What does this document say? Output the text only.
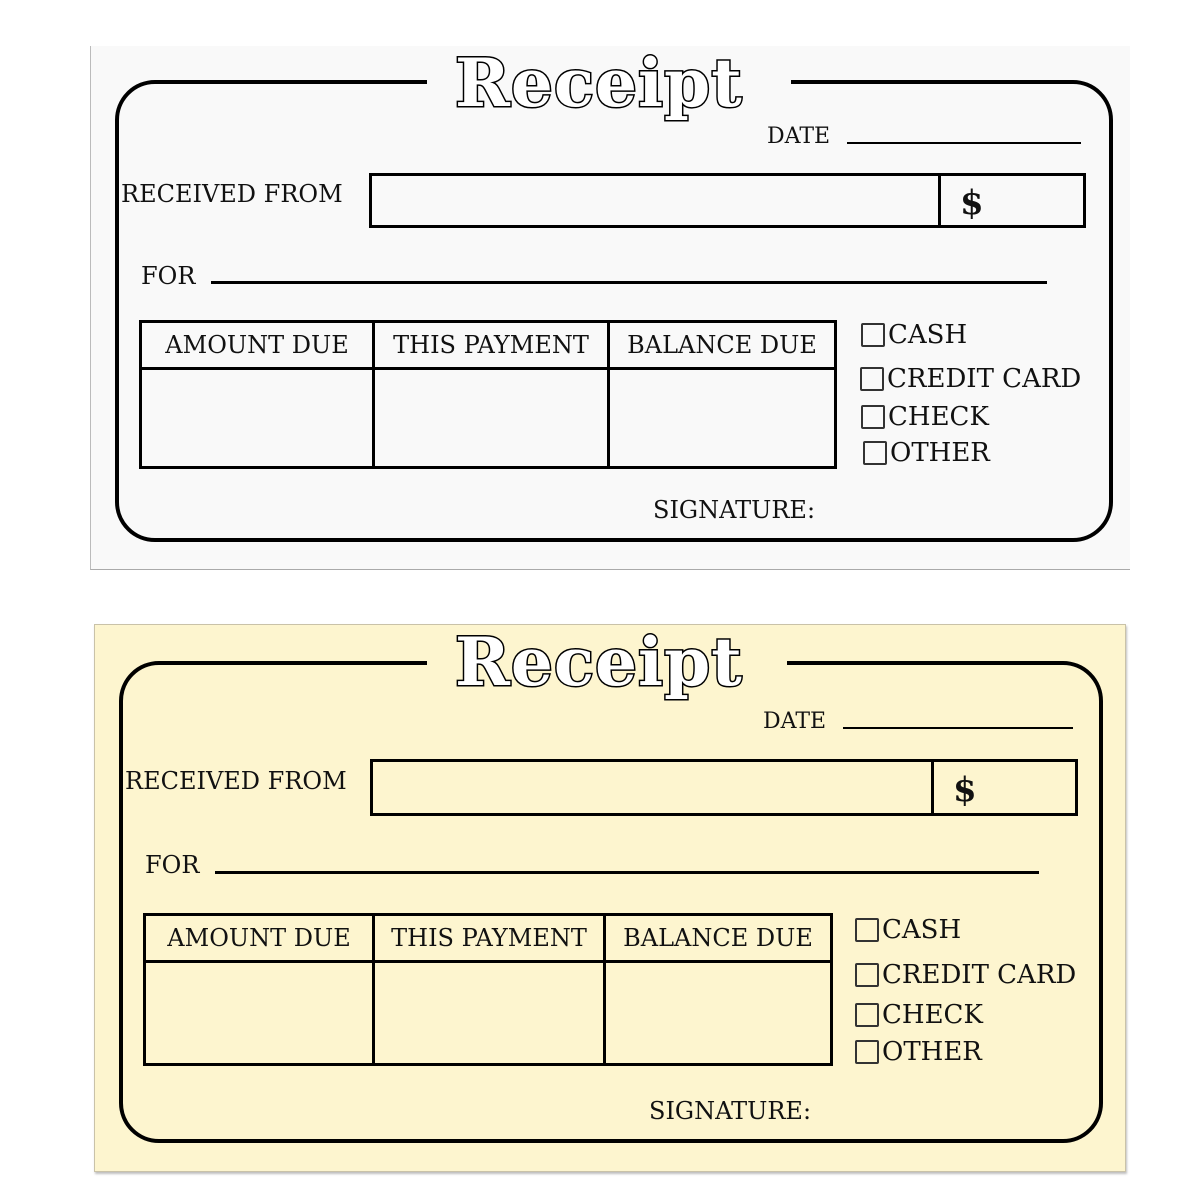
Receipt
DATE
RECEIVED FROM	$
FOR
AMOUNT DUE	THIS PAYMENT	BALANCE DUE
			CASH
CREDIT CARD
CHECK
OTHER
SIGNATURE:
Receipt
DATE
RECEIVED FROM	$
FOR
AMOUNT DUE	THIS PAYMENT	BALANCE DUE
			CASH
CREDIT CARD
CHECK
OTHER
SIGNATURE:
